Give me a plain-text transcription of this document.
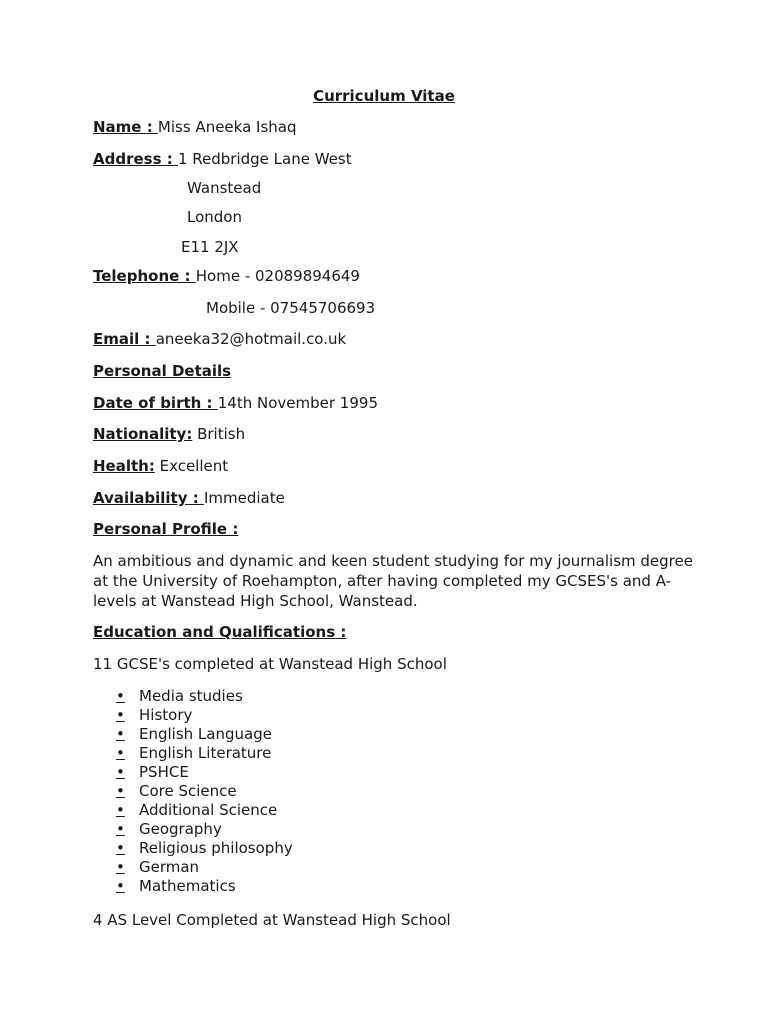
Curriculum Vitae
Name : Miss Aneeka Ishaq
Address : 1 Redbridge Lane West
Wanstead
London
E11 2JX
Telephone : Home - 02089894649
Mobile - 07545706693
Email : aneeka32@hotmail.co.uk
Personal Details
Date of birth : 14th November 1995
Nationality: British
Health: Excellent
Availability : Immediate
Personal Profile :
An ambitious and dynamic and keen student studying for my journalism degree at the University of Roehampton, after having completed my GCSES's and A-levels at Wanstead High School, Wanstead.
Education and Qualifications :
11 GCSE's completed at Wanstead High School
• Media studies
• History
• English Language
• English Literature
• PSHCE
• Core Science
• Additional Science
• Geography
• Religious philosophy
• German
• Mathematics
4 AS Level Completed at Wanstead High School
